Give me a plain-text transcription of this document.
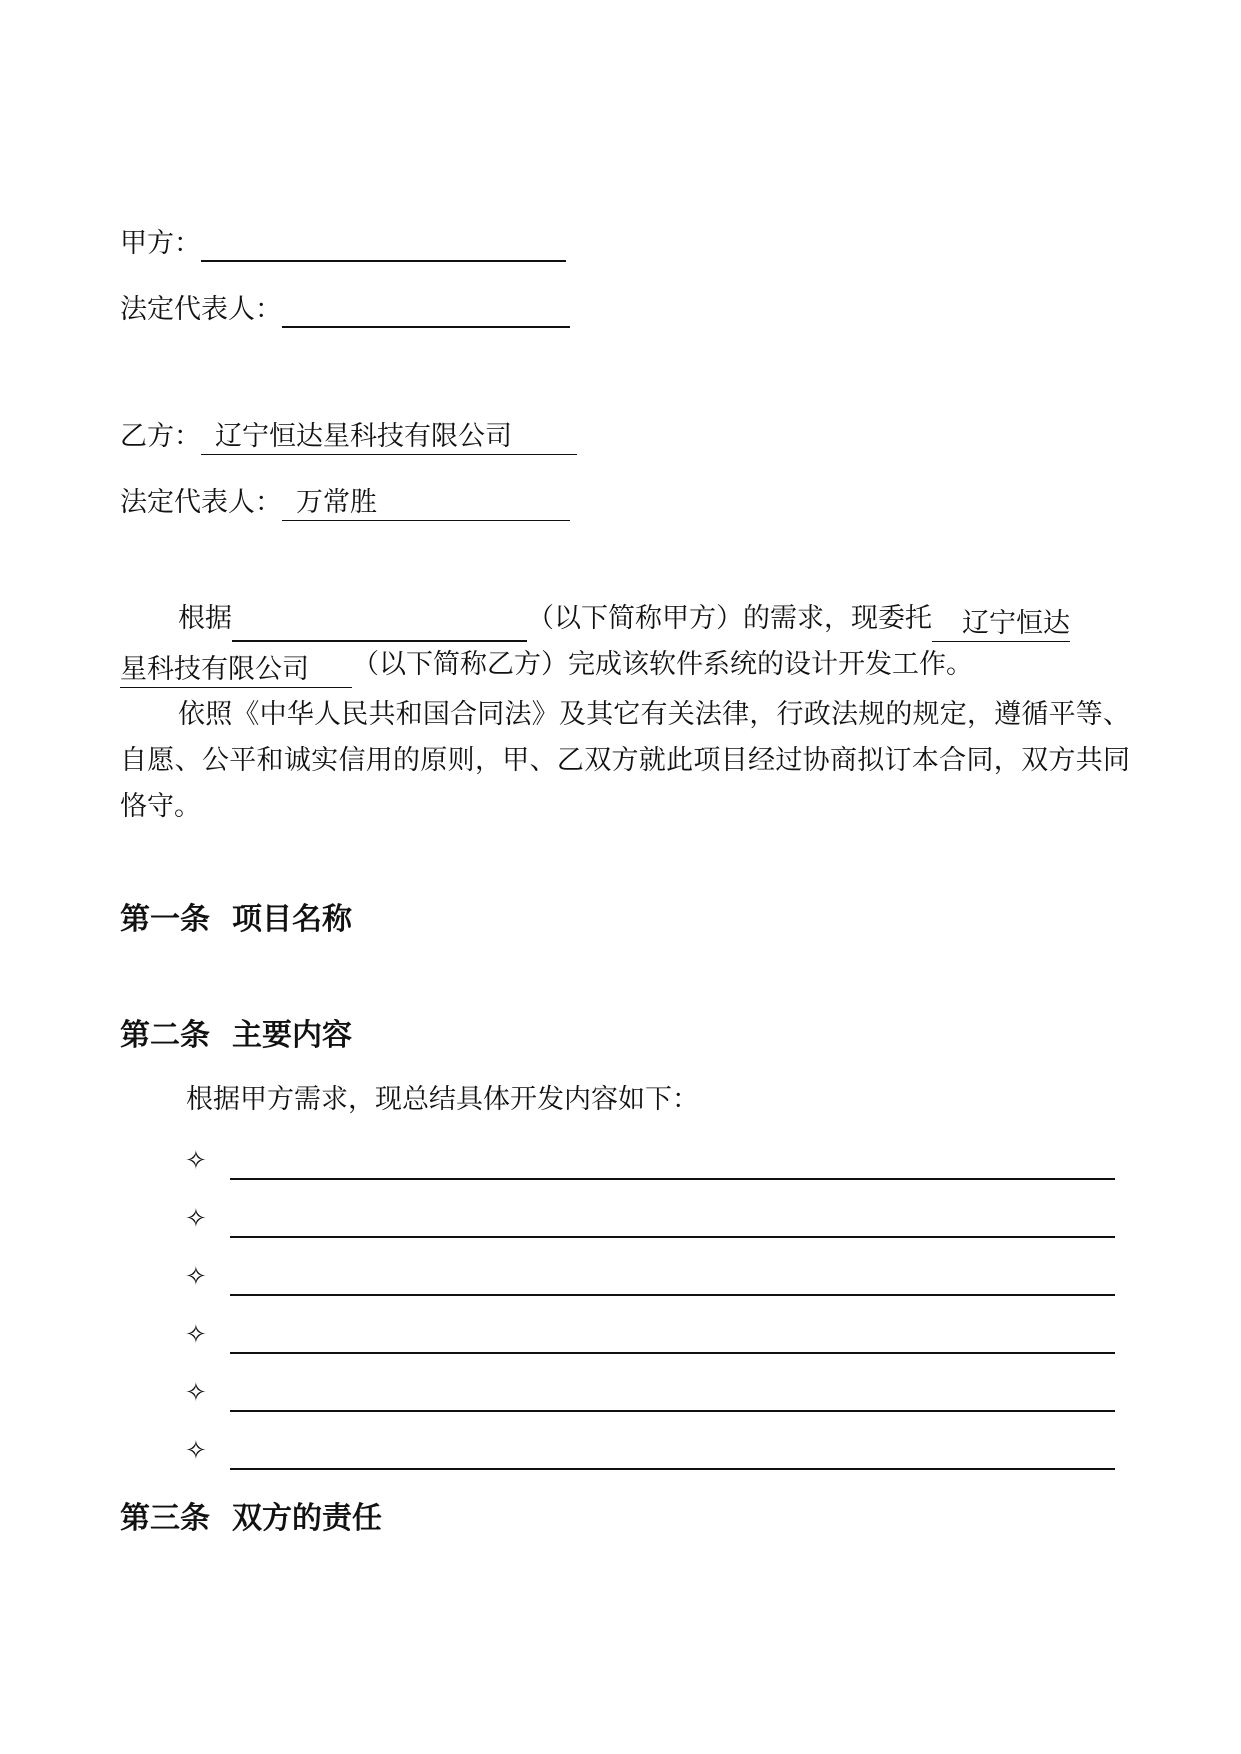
甲方：
法定代表人：
乙方： 辽宁恒达星科技有限公司
法定代表人： 万常胜
根据	（以下简称甲方）的需求，现委托 辽宁恒达
星科技有限公司 （以下简称乙方）完成该软件系统的设计开发工作。
依照《中华人民共和国合同法》及其它有关法律，行政法规的规定，遵循平等、自愿、公平和诚实信用的原则，甲、乙双方就此项目经过协商拟订本合同，双方共同恪守。
第一条 项目名称
第二条 主要内容
根据甲方需求，现总结具体开发内容如下：
✧
✧
✧
✧
✧
✧
第三条 双方的责任
